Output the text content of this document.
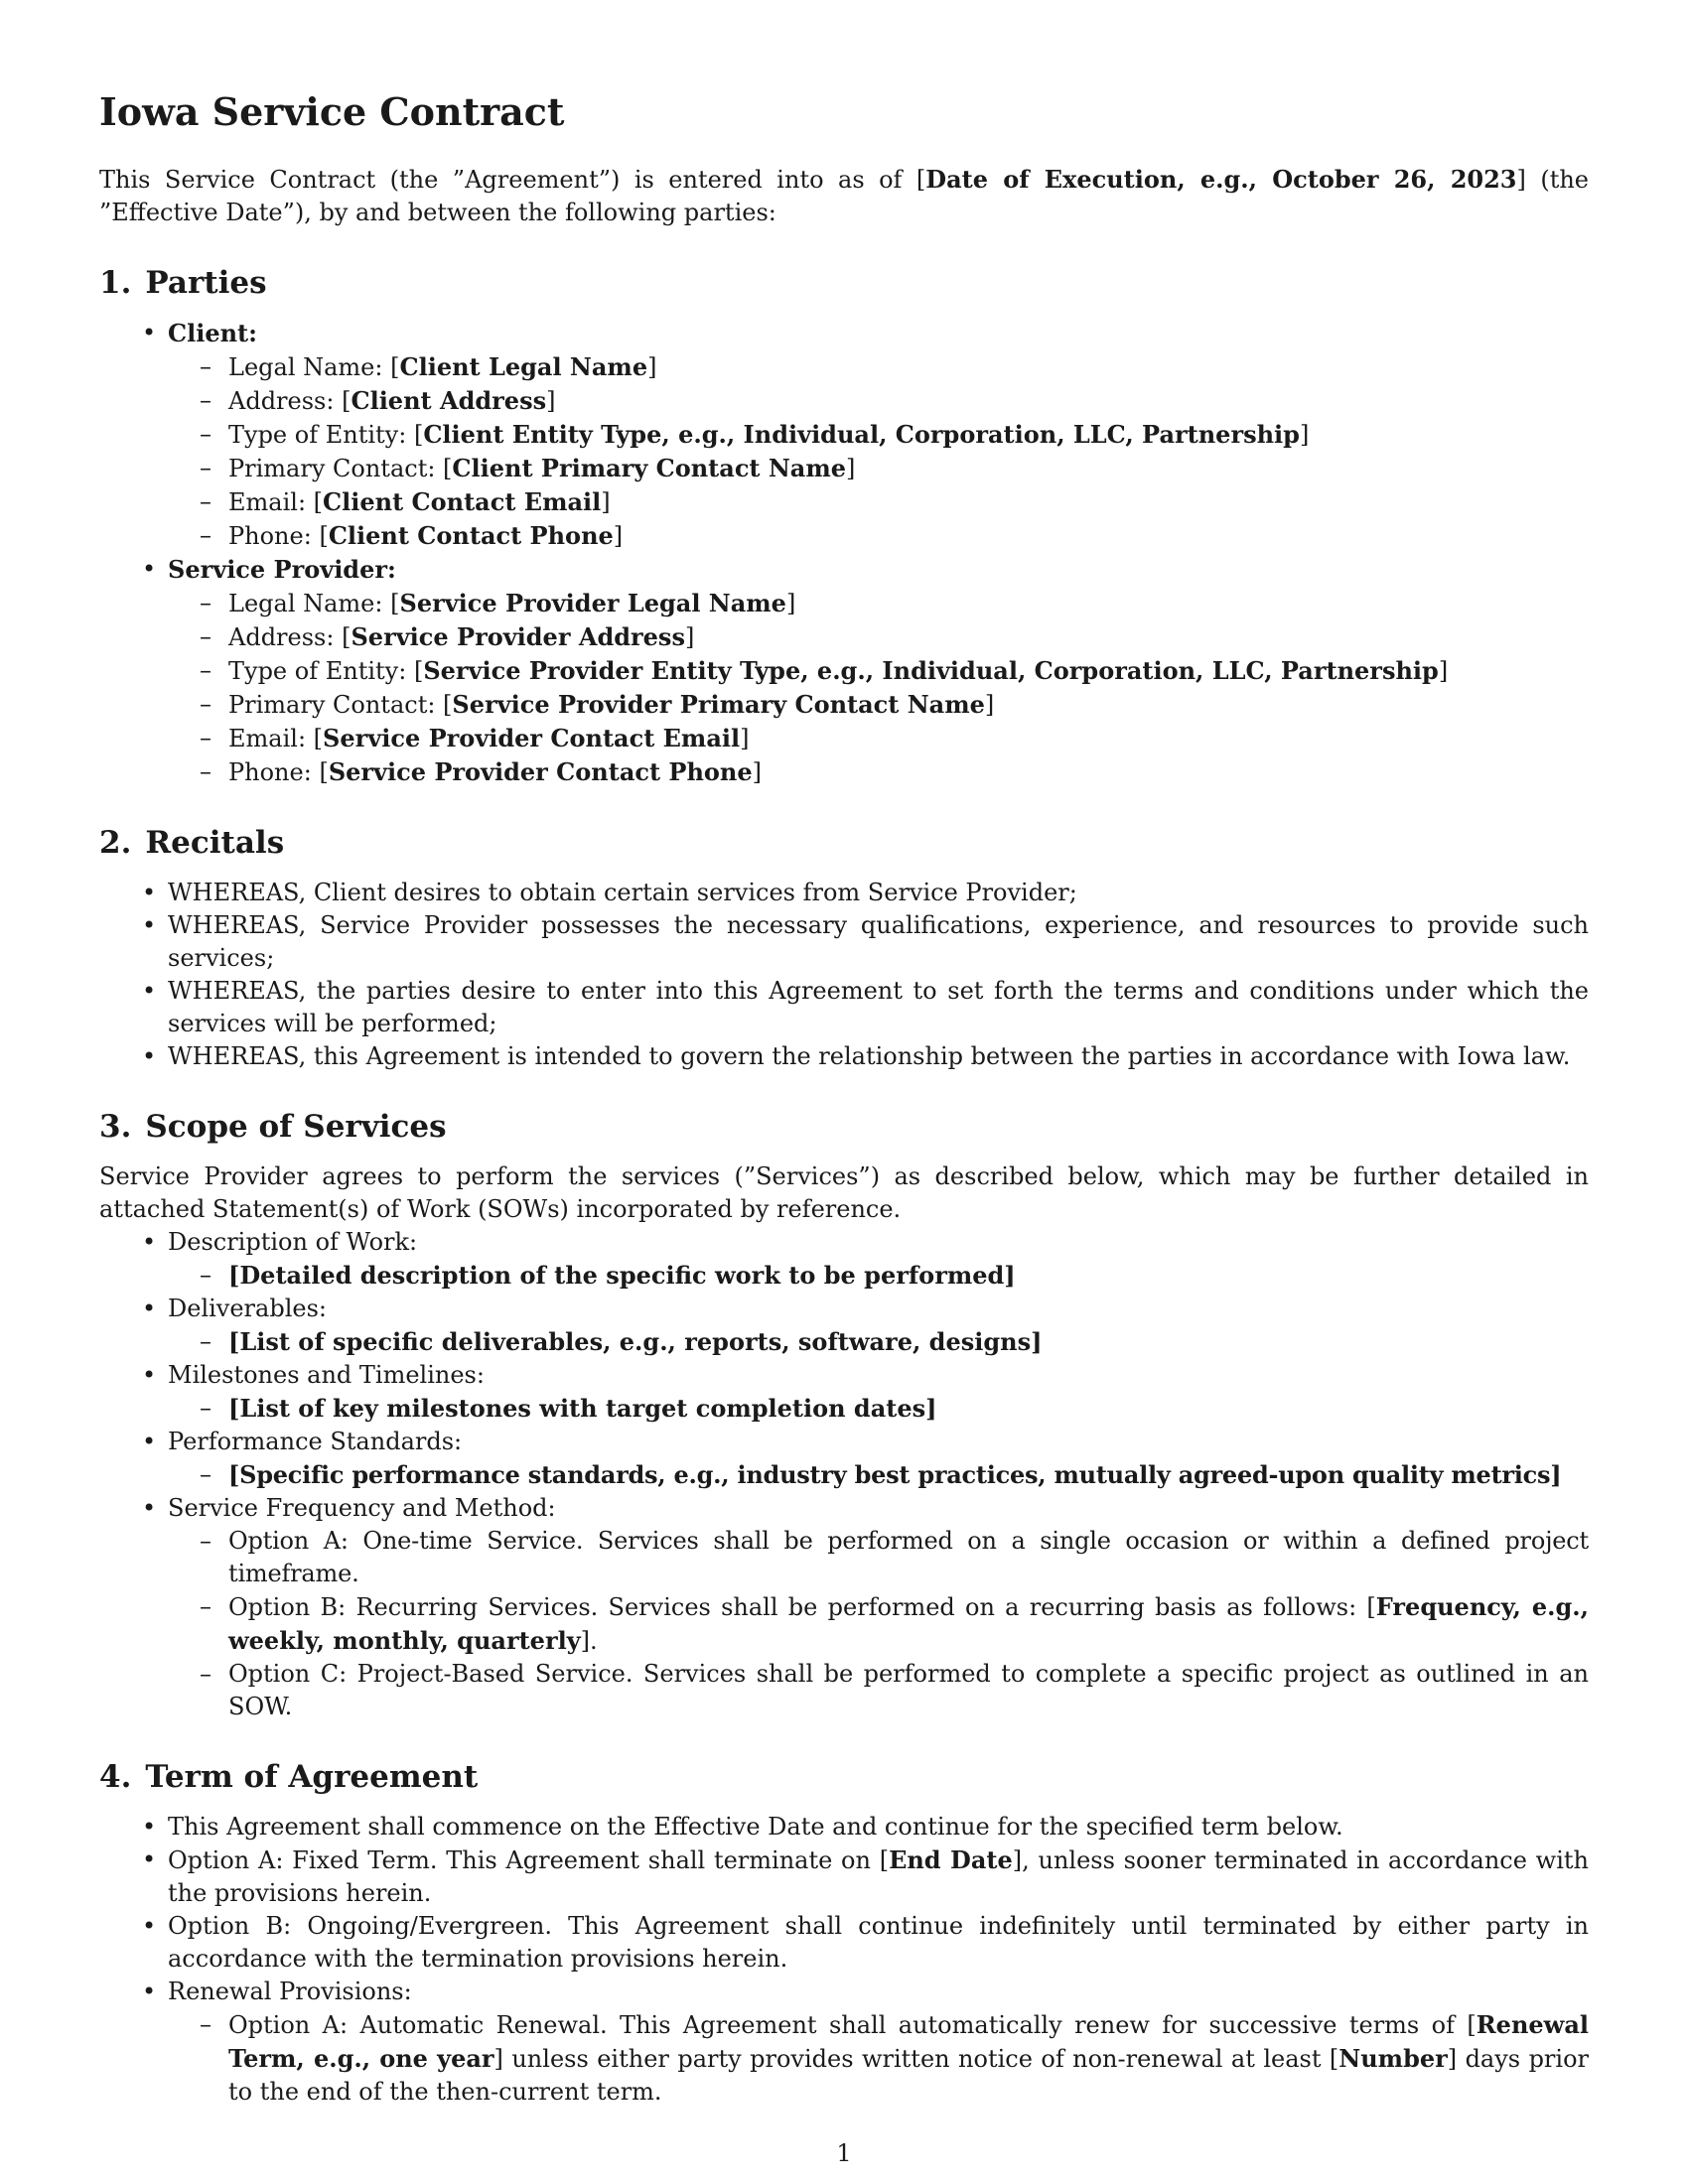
Iowa Service Contract

This Service Contract (the ”Agreement”) is entered into as of [Date of Execution, e.g., October 26, 2023] (the ”Effective Date”), by and between the following parties:

1. Parties
• Client:
– Legal Name: [Client Legal Name]
– Address: [Client Address]
– Type of Entity: [Client Entity Type, e.g., Individual, Corporation, LLC, Partnership]
– Primary Contact: [Client Primary Contact Name]
– Email: [Client Contact Email]
– Phone: [Client Contact Phone]
• Service Provider:
– Legal Name: [Service Provider Legal Name]
– Address: [Service Provider Address]
– Type of Entity: [Service Provider Entity Type, e.g., Individual, Corporation, LLC, Partnership]
– Primary Contact: [Service Provider Primary Contact Name]
– Email: [Service Provider Contact Email]
– Phone: [Service Provider Contact Phone]
2. Recitals
• WHEREAS, Client desires to obtain certain services from Service Provider;
• WHEREAS, Service Provider possesses the necessary qualifications, experience, and resources to provide such services;
• WHEREAS, the parties desire to enter into this Agreement to set forth the terms and conditions under which the services will be performed;
• WHEREAS, this Agreement is intended to govern the relationship between the parties in accordance with Iowa law.
3. Scope of Services

Service Provider agrees to perform the services (”Services”) as described below, which may be further detailed in attached Statement(s) of Work (SOWs) incorporated by reference.

• Description of Work:
– [Detailed description of the specific work to be performed]
• Deliverables:
– [List of specific deliverables, e.g., reports, software, designs]
• Milestones and Timelines:
– [List of key milestones with target completion dates]
• Performance Standards:
– [Specific performance standards, e.g., industry best practices, mutually agreed-upon quality metrics]
• Service Frequency and Method:
– Option A: One-time Service. Services shall be performed on a single occasion or within a defined project timeframe.
– Option B: Recurring Services. Services shall be performed on a recurring basis as follows: [Frequency, e.g., weekly, monthly, quarterly].
– Option C: Project-Based Service. Services shall be performed to complete a specific project as outlined in an SOW.
4. Term of Agreement
• This Agreement shall commence on the Effective Date and continue for the specified term below.
• Option A: Fixed Term. This Agreement shall terminate on [End Date], unless sooner terminated in accordance with the provisions herein.
• Option B: Ongoing/Evergreen. This Agreement shall continue indefinitely until terminated by either party in accordance with the termination provisions herein.
• Renewal Provisions:
– Option A: Automatic Renewal. This Agreement shall automatically renew for successive terms of [Renewal Term, e.g., one year] unless either party provides written notice of non-renewal at least [Number] days prior to the end of the then-current term.
1
